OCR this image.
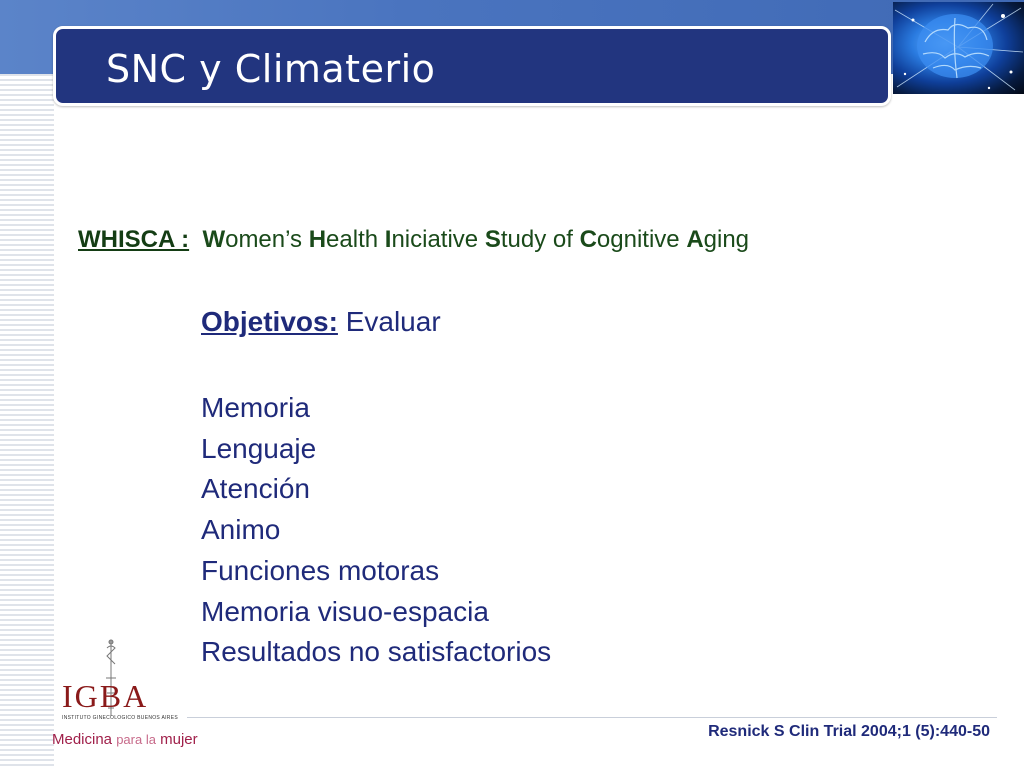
SNC y Climaterio
WHISCA : Women’s Health Iniciative Study of Cognitive Aging
Objetivos: Evaluar
Memoria
Lenguaje
Atención
Animo
Funciones motoras
Memoria visuo-espacia
Resultados no satisfactorios
IGBA
INSTITUTO GINECOLOGICO BUENOS AIRES
Medicina para la mujer	Resnick S Clin Trial 2004;1 (5):440-50
